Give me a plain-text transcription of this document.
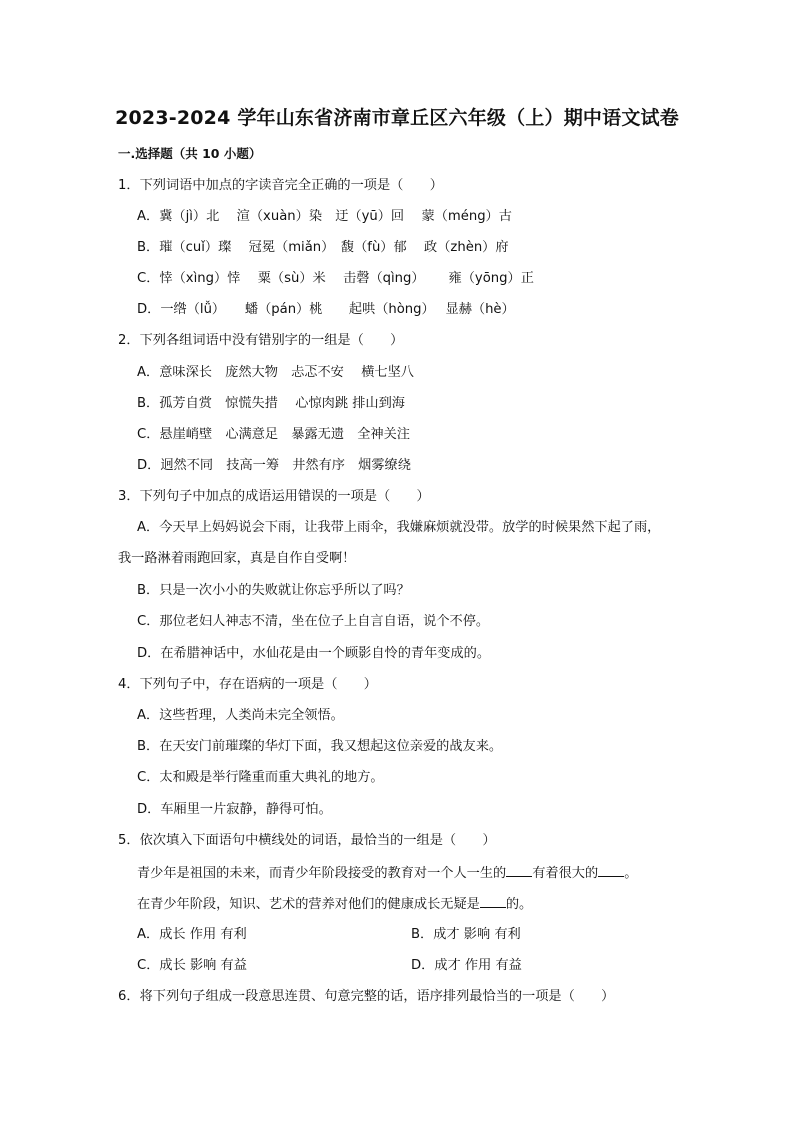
2023-2024 学年山东省济南市章丘区六年级（上）期中语文试卷
一.选择题（共 10 小题）
1．下列词语中加点的字读音完全正确的一项是（　　）
A．冀（jì）北　 渲（xuàn）染　迂（yū）回　 蒙（méng）古
B．璀（cuǐ）璨　 冠冕（miǎn）　馥（fù）郁　 政（zhèn）府
C．悻（xìng）悻　 粟（sù）米　 击磬（qìng）　　 雍（yōng）正
D．一绺（lǚ）　　蟠（pán）桃　　起哄（hòng）　 显赫（hè）
2．下列各组词语中没有错别字的一组是（　　）
A．意味深长　庞然大物　忐忑不安　 横七坚八
B．孤芳自赏　惊慌失措　 心惊肉跳 排山到海
C．悬崖峭壁　心满意足　暴露无遗　全神关注
D．迥然不同　技高一筹　井然有序　烟雾缭绕
3．下列句子中加点的成语运用错误的一项是（　　）
A．今天早上妈妈说会下雨，让我带上雨伞，我嫌麻烦就没带。放学的时候果然下起了雨，
我一路淋着雨跑回家，真是自作自受啊！
B．只是一次小小的失败就让你忘乎所以了吗？
C．那位老妇人神志不清，坐在位子上自言自语，说个不停。
D．在希腊神话中，水仙花是由一个顾影自怜的青年变成的。
4．下列句子中，存在语病的一项是（　　）
A．这些哲理，人类尚未完全领悟。
B．在天安门前璀璨的华灯下面，我又想起这位亲爱的战友来。
C．太和殿是举行隆重而重大典礼的地方。
D．车厢里一片寂静，静得可怕。
5．依次填入下面语句中横线处的词语，最恰当的一组是（　　）
青少年是祖国的未来，而青少年阶段接受的教育对一个人一生的 有着很大的 。
在青少年阶段，知识、艺术的营养对他们的健康成长无疑是 的。
A．成长 作用 有利	B．成才 影响 有利
C．成长 影响 有益	D．成才 作用 有益
6．将下列句子组成一段意思连贯、句意完整的话，语序排列最恰当的一项是（　　）
